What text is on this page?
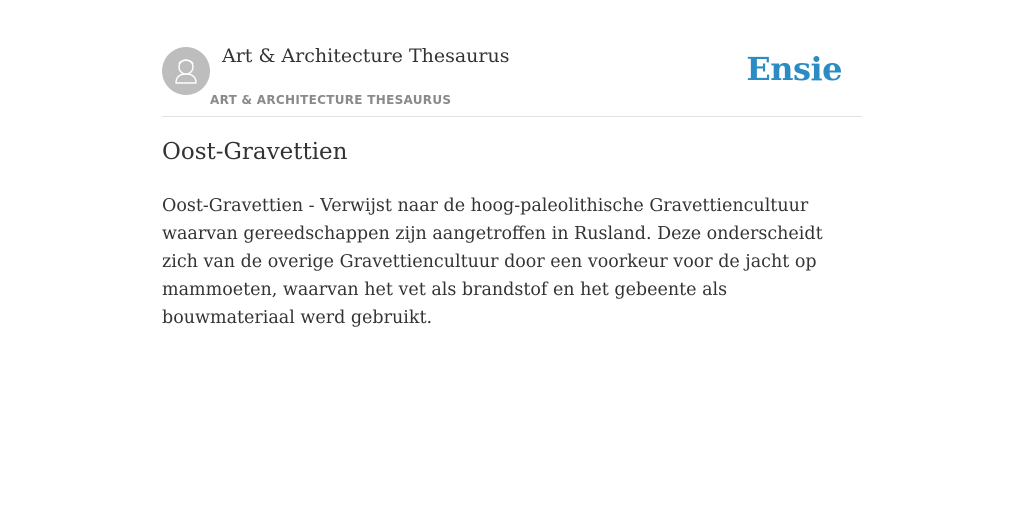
Art & Architecture Thesaurus
ART & ARCHITECTURE THESAURUS
Ensie
Oost-Gravettien

Oost-Gravettien - Verwijst naar de hoog-paleolithische Gravettiencultuur waarvan gereedschappen zijn aangetroffen in Rusland. Deze onderscheidt zich van de overige Gravettiencultuur door een voorkeur voor de jacht op mammoeten, waarvan het vet als brandstof en het gebeente als bouwmateriaal werd gebruikt.
